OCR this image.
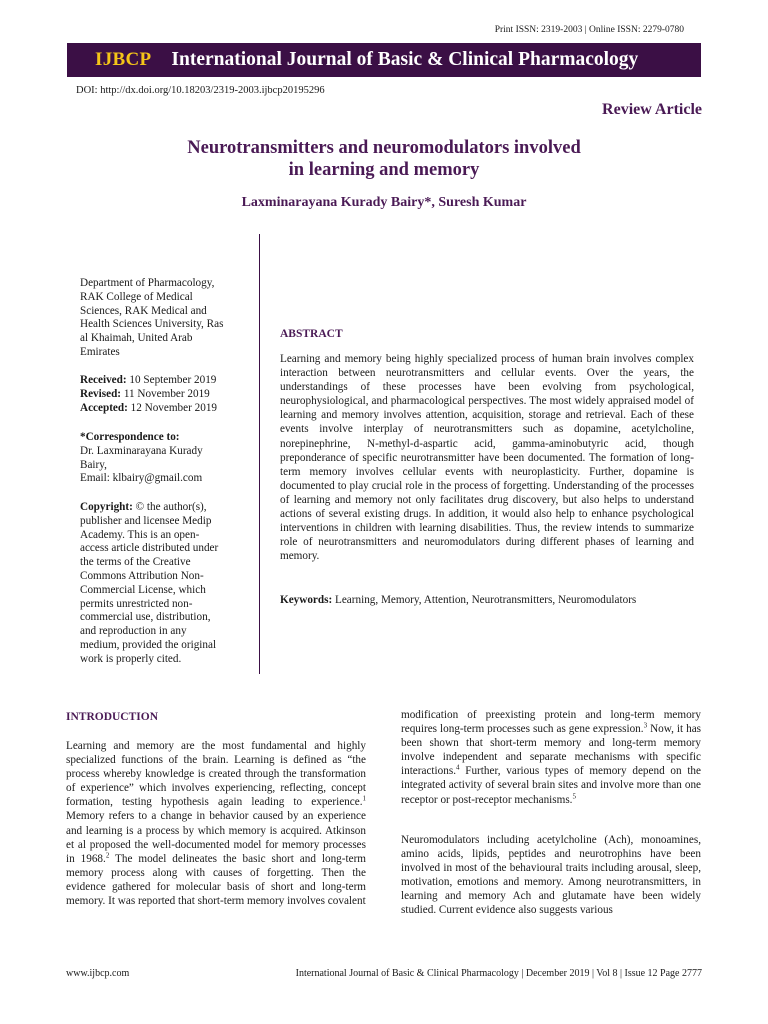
Print ISSN: 2319-2003 | Online ISSN: 2279-0780
IJBCP International Journal of Basic & Clinical Pharmacology
DOI: http://dx.doi.org/10.18203/2319-2003.ijbcp20195296
Review Article
Neurotransmitters and neuromodulators involved
in learning and memory
Laxminarayana Kurady Bairy*, Suresh Kumar
Department of Pharmacology,
RAK College of Medical
Sciences, RAK Medical and
Health Sciences University, Ras
al Khaimah, United Arab
Emirates
Received: 10 September 2019
Revised: 11 November 2019
Accepted: 12 November 2019
*Correspondence to:
Dr. Laxminarayana Kurady
Bairy,
Email: klbairy@gmail.com
Copyright: © the author(s),
publisher and licensee Medip
Academy. This is an open-
access article distributed under
the terms of the Creative
Commons Attribution Non-
Commercial License, which
permits unrestricted non-
commercial use, distribution,
and reproduction in any
medium, provided the original
work is properly cited.
ABSTRACT

Learning and memory being highly specialized process of human brain involves complex interaction between neurotransmitters and cellular events. Over the years, the understandings of these processes have been evolving from psychological, neurophysiological, and pharmacological perspectives. The most widely appraised model of learning and memory involves attention, acquisition, storage and retrieval. Each of these events involve interplay of neurotransmitters such as dopamine, acetylcholine, norepinephrine, N-methyl-d-aspartic acid, gamma-aminobutyric acid, though preponderance of specific neurotransmitter have been documented. The formation of long-term memory involves cellular events with neuroplasticity. Further, dopamine is documented to play crucial role in the process of forgetting. Understanding of the processes of learning and memory not only facilitates drug discovery, but also helps to understand actions of several existing drugs. In addition, it would also help to enhance psychological interventions in children with learning disabilities. Thus, the review intends to summarize role of neurotransmitters and neuromodulators during different phases of learning and memory.

Keywords: Learning, Memory, Attention, Neurotransmitters, Neuromodulators
INTRODUCTION

Learning and memory are the most fundamental and highly specialized functions of the brain. Learning is defined as “the process whereby knowledge is created through the transformation of experience” which involves experiencing, reflecting, concept formation, testing hypothesis again leading to experience.$^1$ Memory refers to a change in behavior caused by an experience and learning is a process by which memory is acquired. Atkinson et al proposed the well-documented model for memory processes in 1968.$^2$ The model delineates the basic short and long-term memory process along with causes of forgetting. Then the evidence gathered for molecular basis of short and long-term memory. It was reported that short-term memory involves covalent

modification of preexisting protein and long-term memory requires long-term processes such as gene expression.$^3$ Now, it has been shown that short-term memory and long-term memory involve independent and separate mechanisms with specific interactions.$^4$ Further, various types of memory depend on the integrated activity of several brain sites and involve more than one receptor or post-receptor mechanisms.$^5$

Neuromodulators including acetylcholine (Ach), monoamines, amino acids, lipids, peptides and neurotrophins have been involved in most of the behavioural traits including arousal, sleep, motivation, emotions and memory. Among neurotransmitters, in learning and memory Ach and glutamate have been widely studied. Current evidence also suggests various

www.ijbcp.com	International Journal of Basic & Clinical Pharmacology | December 2019 | Vol 8 | Issue 12 Page 2777
